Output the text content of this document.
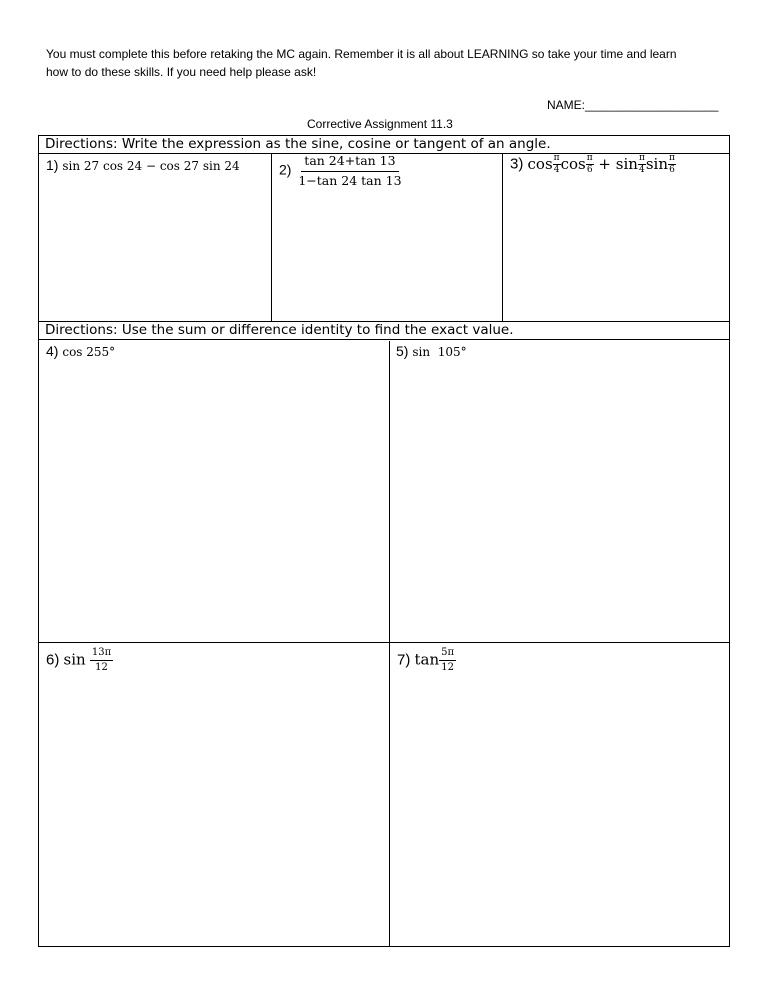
You must complete this before retaking the MC again. Remember it is all about LEARNING so take your time and learn
how to do these skills. If you need help please ask!
NAME:____________________
Corrective Assignment 11.3
Directions: Write the expression as the sine, cosine or tangent of an angle.
1) sin 27 cos 24 − cos 27 sin 24	$2) \frac{\tan 24+\tan 13}{1-\tan 24 \tan 13}$	3) $\cos \frac{\pi}{4}$ $\cos \frac{\pi}{6} + \sin \frac{\pi}{4}$ $\sin \frac{\pi}{6}$
Directions: Use the sum or difference identity to find the exact value.
4) cos 255°	5) sin  105°
6) $\sin \frac{13\pi}{12}$	7) $\tan \frac{5\pi}{12}$
